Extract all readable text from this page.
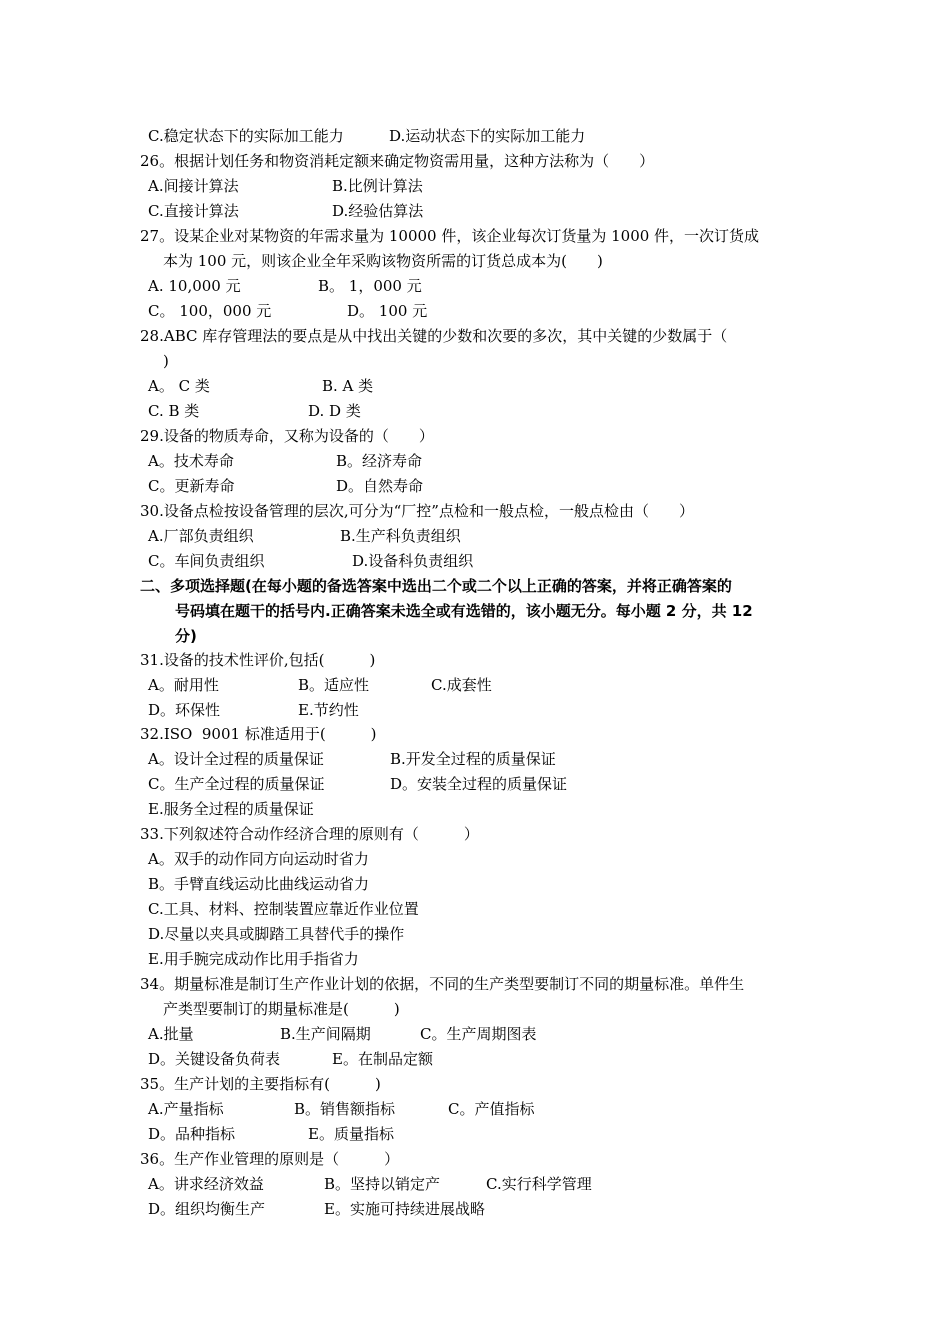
C.稳定状态下的实际加工能力	D.运动状态下的实际加工能力
26。根据计划任务和物资消耗定额来确定物资需用量，这种方法称为（　　）
A.间接计算法	B.比例计算法
C.直接计算法	D.经验估算法
27。设某企业对某物资的年需求量为 10000 件，该企业每次订货量为 1000 件，一次订货成
本为 100 元，则该企业全年采购该物资所需的订货总成本为(　　)
A. 10,000 元	B。 1，000 元
C。 100，000 元	D。 100 元
28.ABC 库存管理法的要点是从中找出关键的少数和次要的多次，其中关键的少数属于（
)
A。 C 类	B. A 类
C. B 类	D. D 类
29.设备的物质寿命，又称为设备的（　　）
A。技术寿命	B。经济寿命
C。更新寿命	D。自然寿命
30.设备点检按设备管理的层次,可分为“厂控”点检和一般点检，一般点检由（　　）
A.厂部负责组织	B.生产科负责组织
C。车间负责组织	D.设备科负责组织
二、多项选择题(在每小题的备选答案中选出二个或二个以上正确的答案，并将正确答案的
号码填在题干的括号内.正确答案未选全或有选错的，该小题无分。每小题 2 分，共 12
分)
31.设备的技术性评价,包括(　　　)
A。耐用性	B。适应性	C.成套性
D。环保性	E.节约性
32.ISO  9001 标准适用于(　　　)
A。设计全过程的质量保证	B.开发全过程的质量保证
C。生产全过程的质量保证	D。安装全过程的质量保证
E.服务全过程的质量保证
33.下列叙述符合动作经济合理的原则有（　　　）
A。双手的动作同方向运动时省力
B。手臂直线运动比曲线运动省力
C.工具、材料、控制装置应靠近作业位置
D.尽量以夹具或脚踏工具替代手的操作
E.用手腕完成动作比用手指省力
34。期量标准是制订生产作业计划的依据，不同的生产类型要制订不同的期量标准。单件生
产类型要制订的期量标准是(　　　)
A.批量	B.生产间隔期	C。生产周期图表
D。关键设备负荷表	E。在制品定额
35。生产计划的主要指标有(　　　)
A.产量指标	B。销售额指标	C。产值指标
D。品种指标	E。质量指标
36。生产作业管理的原则是（　　　）
A。讲求经济效益	B。坚持以销定产	C.实行科学管理
D。组织均衡生产	E。实施可持续进展战略
